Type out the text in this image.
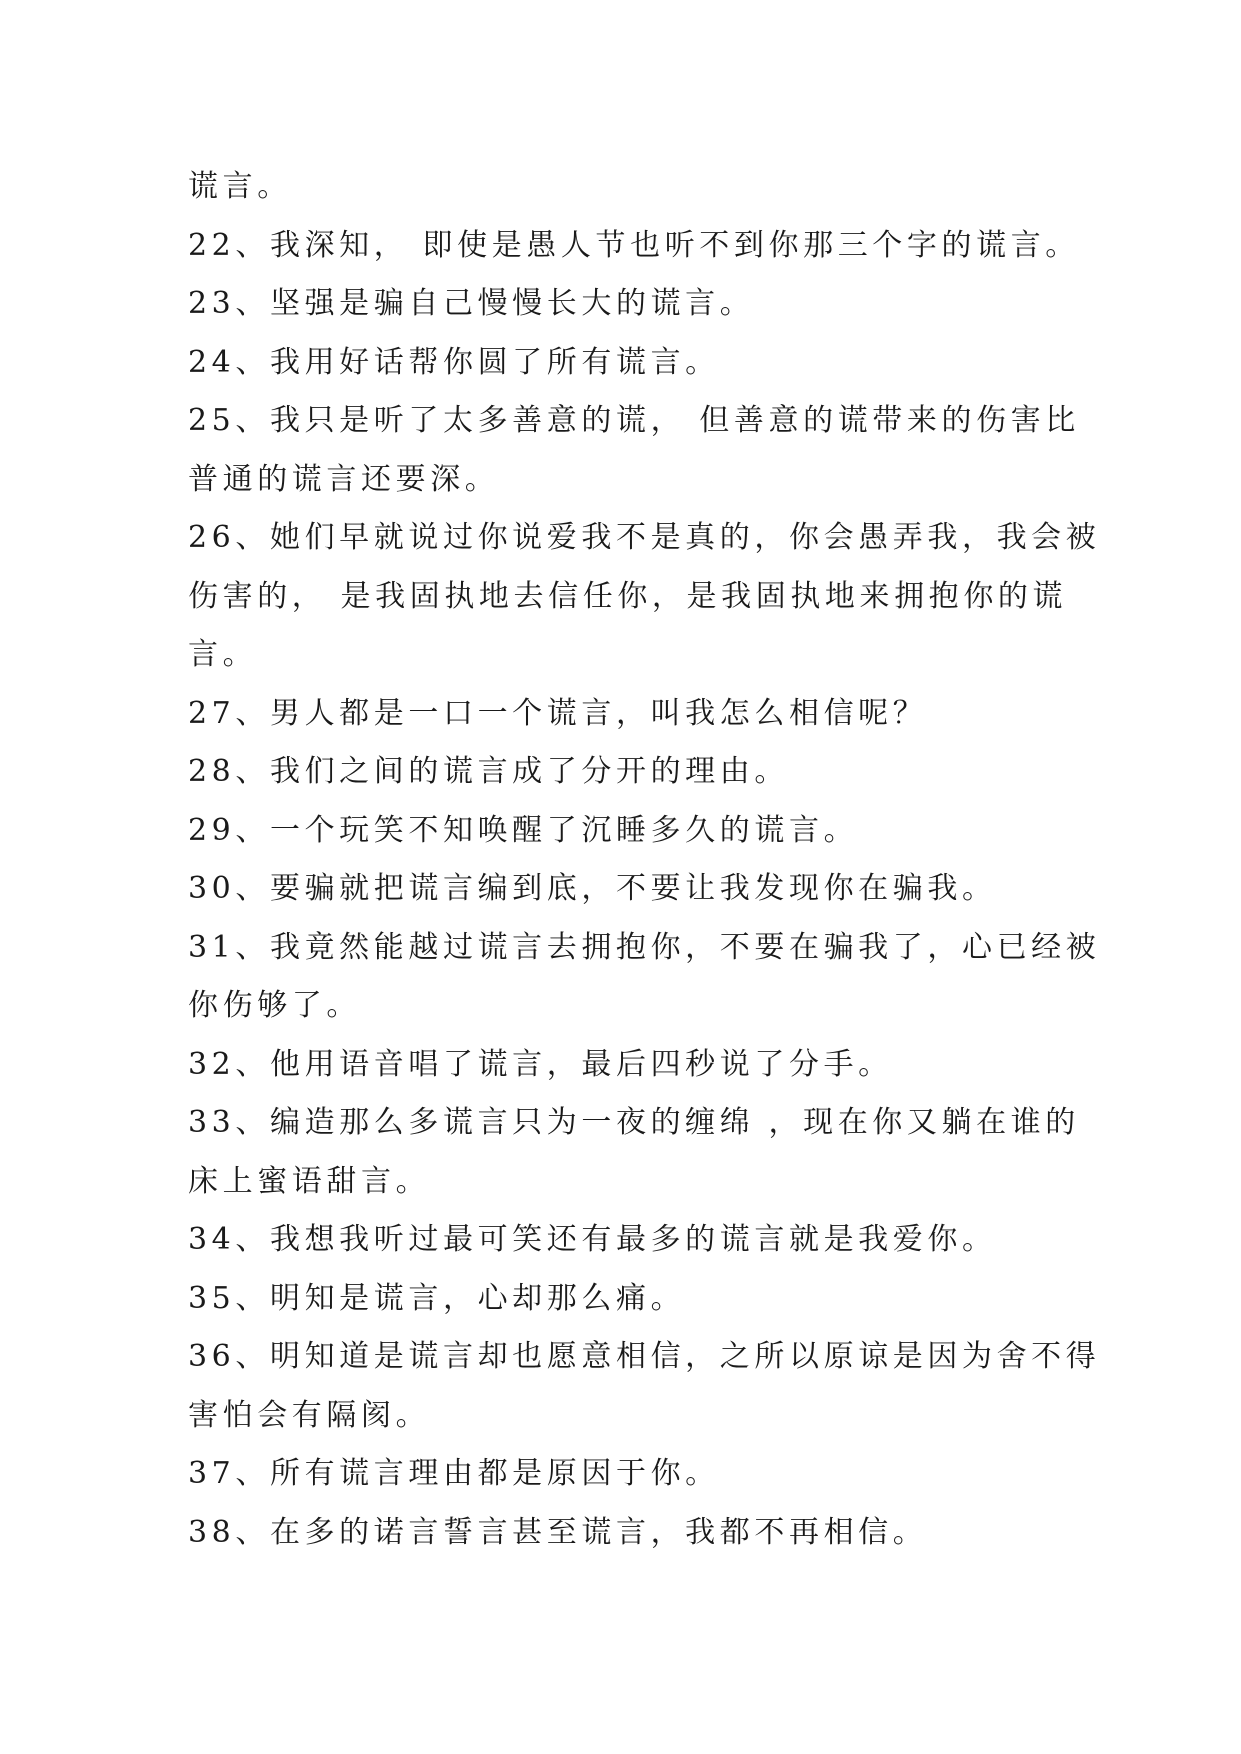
谎言。
22、我深知， 即使是愚人节也听不到你那三个字的谎言。
23、坚强是骗自己慢慢长大的谎言。
24、我用好话帮你圆了所有谎言。
25、我只是听了太多善意的谎， 但善意的谎带来的伤害比
普通的谎言还要深。
26、她们早就说过你说爱我不是真的，你会愚弄我，我会被
伤害的， 是我固执地去信任你，是我固执地来拥抱你的谎
言。
27、男人都是一口一个谎言，叫我怎么相信呢？
28、我们之间的谎言成了分开的理由。
29、一个玩笑不知唤醒了沉睡多久的谎言。
30、要骗就把谎言编到底，不要让我发现你在骗我。
31、我竟然能越过谎言去拥抱你，不要在骗我了，心已经被
你伤够了。
32、他用语音唱了谎言，最后四秒说了分手。
33、编造那么多谎言只为一夜的缠绵 ，现在你又躺在谁的
床上蜜语甜言。
34、我想我听过最可笑还有最多的谎言就是我爱你。
35、明知是谎言，心却那么痛。
36、明知道是谎言却也愿意相信，之所以原谅是因为舍不得
害怕会有隔阂。
37、所有谎言理由都是原因于你。
38、在多的诺言誓言甚至谎言，我都不再相信。
